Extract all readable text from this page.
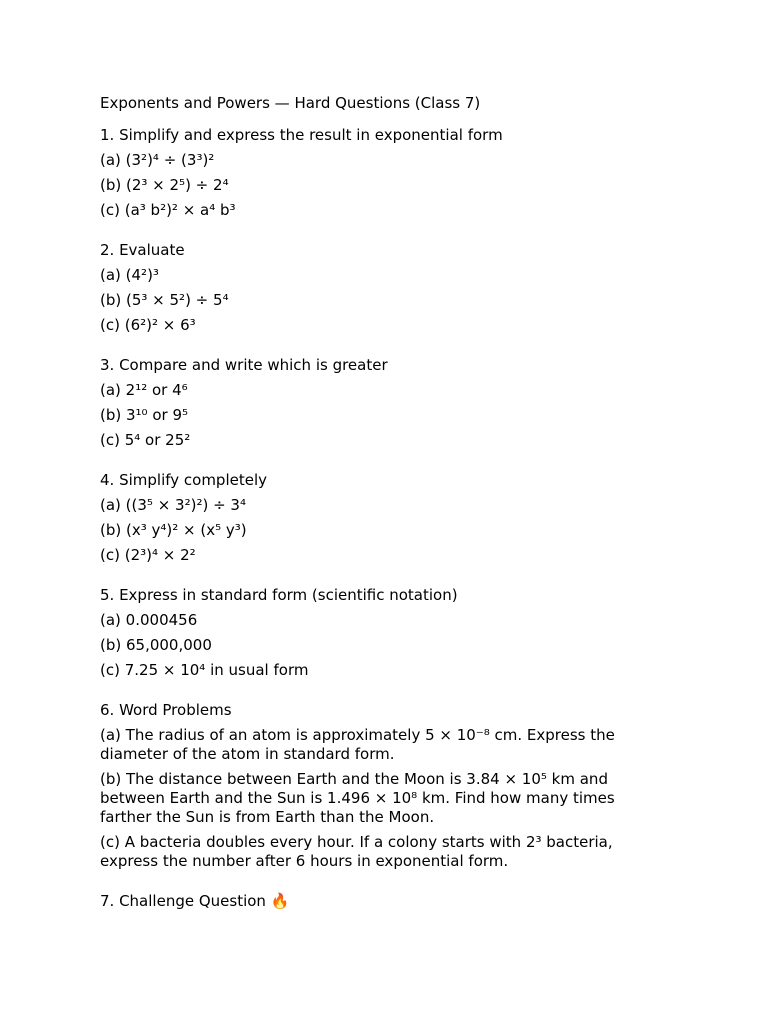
Exponents and Powers — Hard Questions (Class 7)

1. Simplify and express the result in exponential form

(a) (3²)⁴ ÷ (3³)²

(b) (2³ × 2⁵) ÷ 2⁴

(c) (a³ b²)² × a⁴ b³

2. Evaluate

(a) (4²)³

(b) (5³ × 5²) ÷ 5⁴

(c) (6²)² × 6³

3. Compare and write which is greater

(a) 2¹² or 4⁶

(b) 3¹⁰ or 9⁵

(c) 5⁴ or 25²

4. Simplify completely

(a) ((3⁵ × 3²)²) ÷ 3⁴

(b) (x³ y⁴)² × (x⁵ y³)

(c) (2³)⁴ × 2²

5. Express in standard form (scientific notation)

(a) 0.000456

(b) 65,000,000

(c) 7.25 × 10⁴ in usual form

6. Word Problems

(a) The radius of an atom is approximately 5 × 10⁻⁸ cm. Express the diameter of the atom in standard form.

(b) The distance between Earth and the Moon is 3.84 × 10⁵ km and between Earth and the Sun is 1.496 × 10⁸ km. Find how many times farther the Sun is from Earth than the Moon.

(c) A bacteria doubles every hour. If a colony starts with 2³ bacteria, express the number after 6 hours in exponential form.

7. Challenge Question 🔥
